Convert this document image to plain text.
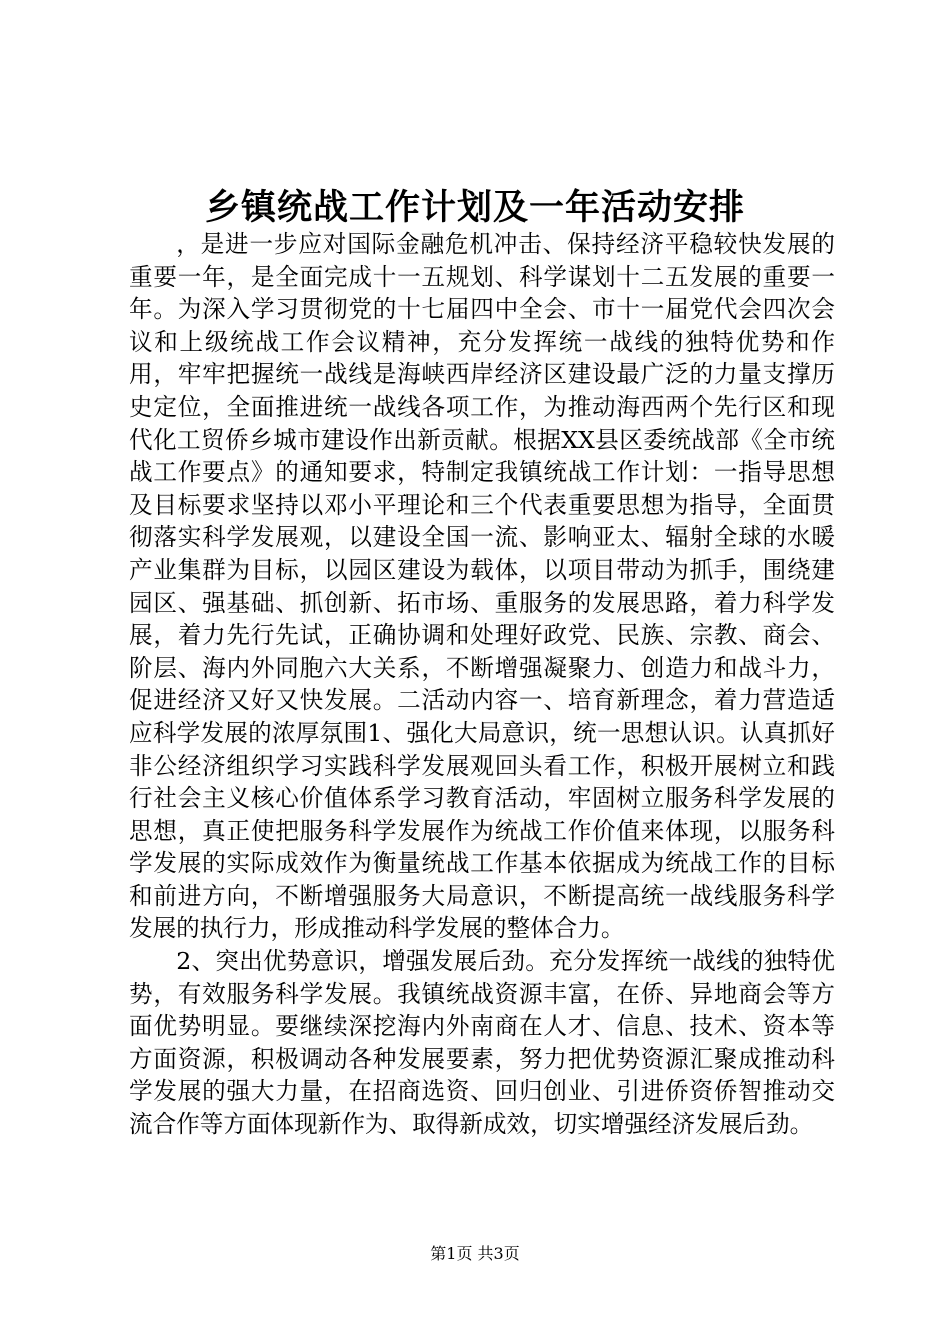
乡镇统战工作计划及一年活动安排

，是进一步应对国际金融危机冲击、保持经济平稳较快发展的重要一年，是全面完成十一五规划、科学谋划十二五发展的重要一年。为深入学习贯彻党的十七届四中全会、市十一届党代会四次会议和上级统战工作会议精神，充分发挥统一战线的独特优势和作用，牢牢把握统一战线是海峡西岸经济区建设最广泛的力量支撑历史定位，全面推进统一战线各项工作，为推动海西两个先行区和现代化工贸侨乡城市建设作出新贡献。根据XX县区委统战部《全市统战工作要点》的通知要求，特制定我镇统战工作计划：一指导思想及目标要求坚持以邓小平理论和三个代表重要思想为指导，全面贯彻落实科学发展观，以建设全国一流、影响亚太、辐射全球的水暖产业集群为目标，以园区建设为载体，以项目带动为抓手，围绕建园区、强基础、抓创新、拓市场、重服务的发展思路，着力科学发展，着力先行先试，正确协调和处理好政党、民族、宗教、商会、阶层、海内外同胞六大关系，不断增强凝聚力、创造力和战斗力，促进经济又好又快发展。二活动内容一、培育新理念，着力营造适应科学发展的浓厚氛围1、强化大局意识，统一思想认识。认真抓好非公经济组织学习实践科学发展观回头看工作，积极开展树立和践行社会主义核心价值体系学习教育活动，牢固树立服务科学发展的思想，真正使把服务科学发展作为统战工作价值来体现，以服务科学发展的实际成效作为衡量统战工作基本依据成为统战工作的目标和前进方向，不断增强服务大局意识，不断提高统一战线服务科学发展的执行力，形成推动科学发展的整体合力。

2、突出优势意识，增强发展后劲。充分发挥统一战线的独特优势，有效服务科学发展。我镇统战资源丰富，在侨、异地商会等方面优势明显。要继续深挖海内外南商在人才、信息、技术、资本等方面资源，积极调动各种发展要素，努力把优势资源汇聚成推动科学发展的强大力量，在招商选资、回归创业、引进侨资侨智推动交流合作等方面体现新作为、取得新成效，切实增强经济发展后劲。

第1页 共3页
